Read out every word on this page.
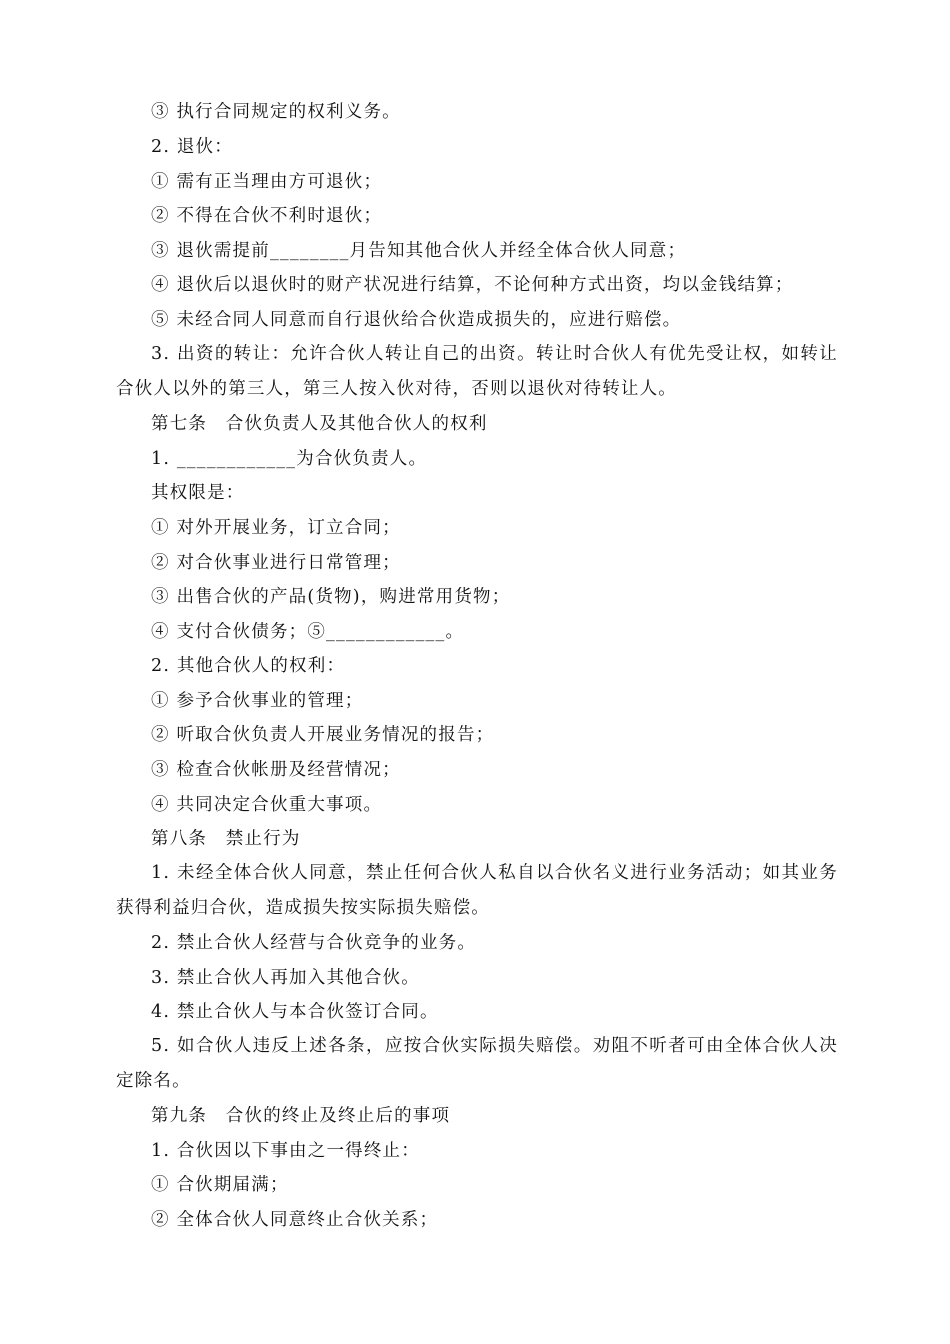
③ 执行合同规定的权利义务。
2. 退伙：
① 需有正当理由方可退伙；
② 不得在合伙不利时退伙；
③ 退伙需提前________月告知其他合伙人并经全体合伙人同意；
④ 退伙后以退伙时的财产状况进行结算，不论何种方式出资，均以金钱结算；
⑤ 未经合同人同意而自行退伙给合伙造成损失的，应进行赔偿。
3. 出资的转让：允许合伙人转让自己的出资。转让时合伙人有优先受让权，如转让合伙人以外的第三人，第三人按入伙对待，否则以退伙对待转让人。
第七条　合伙负责人及其他合伙人的权利
1. ____________为合伙负责人。
其权限是：
① 对外开展业务，订立合同；
② 对合伙事业进行日常管理；
③ 出售合伙的产品(货物)，购进常用货物；
④ 支付合伙债务；⑤____________。
2. 其他合伙人的权利：
① 参予合伙事业的管理；
② 听取合伙负责人开展业务情况的报告；
③ 检查合伙帐册及经营情况；
④ 共同决定合伙重大事项。
第八条　禁止行为
1. 未经全体合伙人同意，禁止任何合伙人私自以合伙名义进行业务活动；如其业务获得利益归合伙，造成损失按实际损失赔偿。
2. 禁止合伙人经营与合伙竞争的业务。
3. 禁止合伙人再加入其他合伙。
4. 禁止合伙人与本合伙签订合同。
5. 如合伙人违反上述各条，应按合伙实际损失赔偿。劝阻不听者可由全体合伙人决定除名。
第九条　合伙的终止及终止后的事项
1. 合伙因以下事由之一得终止：
① 合伙期届满；
② 全体合伙人同意终止合伙关系；
